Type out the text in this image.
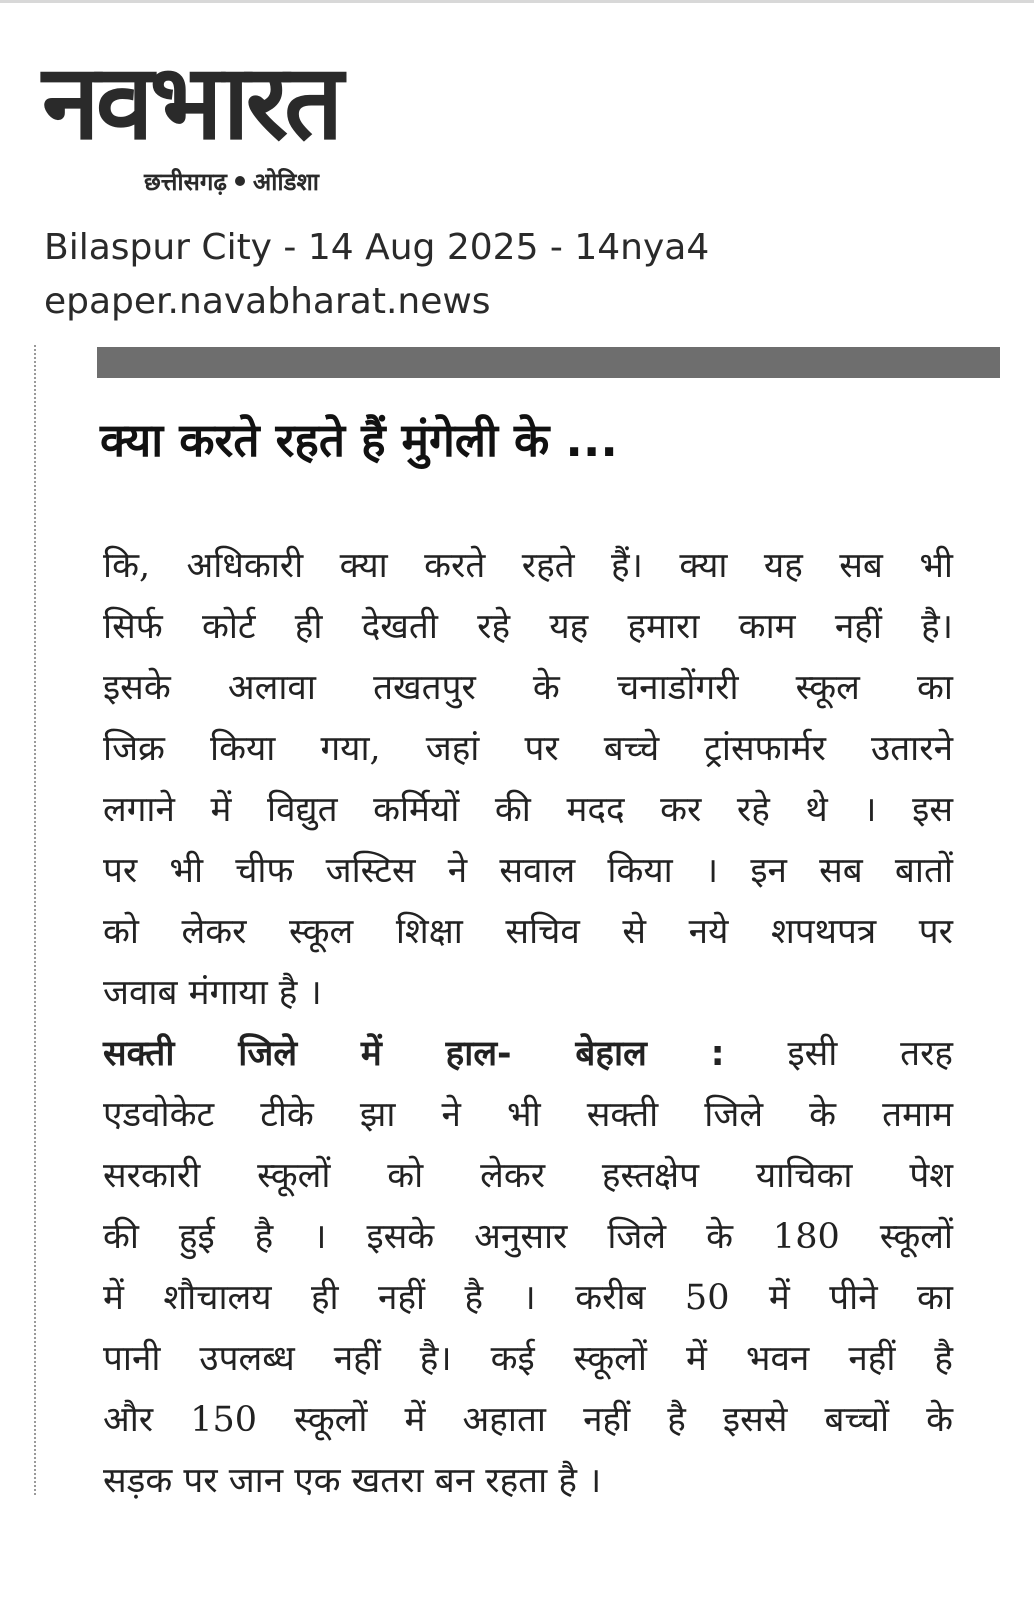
नवभारत
छत्तीसगढ़ ओडिशा
Bilaspur City - 14 Aug 2025 - 14nya4
epaper.navabharat.news
क्या करते रहते हैं मुंगेली के ...
कि, अधिकारी क्या करते रहते हैं। क्या यह सब भी
सिर्फ कोर्ट ही देखती रहे यह हमारा काम नहीं है।
इसके अलावा तखतपुर के चनाडोंगरी स्कूल का
जिक्र किया गया, जहां पर बच्चे ट्रांसफार्मर उतारने
लगाने में विद्युत कर्मियों की मदद कर रहे थे । इस
पर भी चीफ जस्टिस ने सवाल किया । इन सब बातों
को लेकर स्कूल शिक्षा सचिव से नये शपथपत्र पर
जवाब मंगाया है ।
सक्ती जिले में हाल- बेहाल : इसी तरह
एडवोकेट टीके झा ने भी सक्ती जिले के तमाम
सरकारी स्कूलों को लेकर हस्तक्षेप याचिका पेश
की हुई है । इसके अनुसार जिले के 180 स्कूलों
में शौचालय ही नहीं है । करीब 50 में पीने का
पानी उपलब्ध नहीं है। कई स्कूलों में भवन नहीं है
और 150 स्कूलों में अहाता नहीं है इससे बच्चों के
सड़क पर जान एक खतरा बन रहता है ।
